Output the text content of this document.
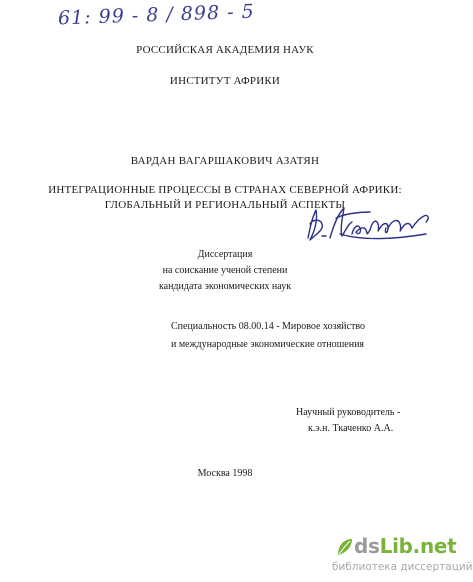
61: 99 - 8 / 898 - 5
РОССИЙСКАЯ АКАДЕМИЯ НАУК
ИНСТИТУТ АФРИКИ
ВАРДАН ВАГАРШАКОВИЧ АЗАТЯН
ИНТЕГРАЦИОННЫЕ ПРОЦЕССЫ В СТРАНАХ СЕВЕРНОЙ АФРИКИ:
ГЛОБАЛЬНЫЙ И РЕГИОНАЛЬНЫЙ АСПЕКТЫ
Диссертация
на соискание ученой степени
кандидата экономических наук
Специальность 08.00.14 - Мировое хозяйство
и международные экономические отношения
Научный руководитель -
к.э.н. Ткаченко А.А.
Москва 1998
dsLib.net
библиотека диссертаций
